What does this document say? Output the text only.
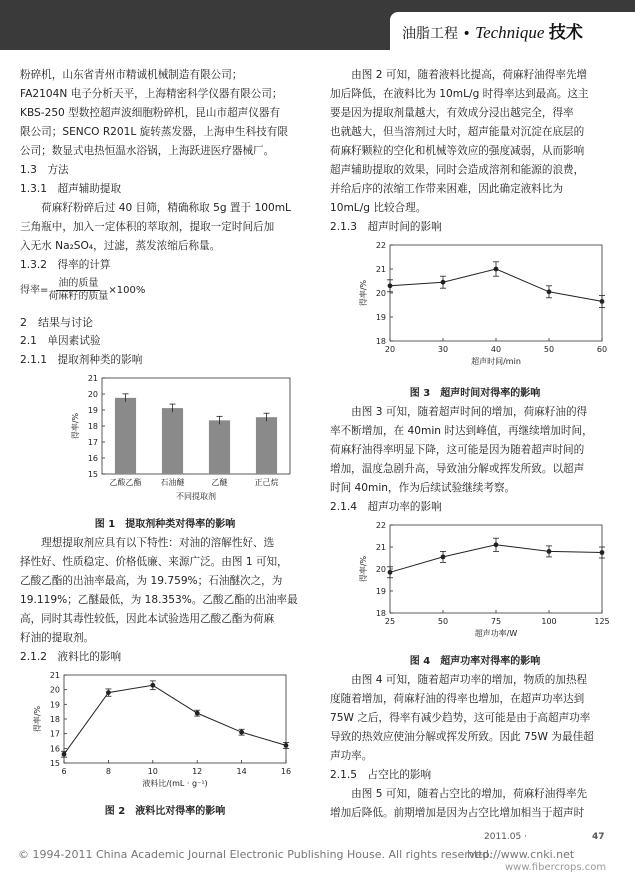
油脂工程 • Technique 技术

粉碎机，山东省青州市精诚机械制造有限公司；

FA2104N 电子分析天平，上海精密科学仪器有限公司；

KBS-250 型数控超声波细胞粉碎机，昆山市超声仪器有

限公司；SENCO R201L 旋转蒸发器，上海申生科技有限

公司；数显式电热恒温水浴锅，上海跃进医疗器械厂。

1.3　方法

1.3.1　超声辅助提取

　　荷麻籽粉碎后过 40 目筛，精确称取 5g 置于 100mL

三角瓶中，加入一定体积的萃取剂，提取一定时间后加

入无水 Na₂SO₄，过滤，蒸发浓缩后称量。

1.3.2　得率的计算

得率=
油的质量
荷麻籽的质量
×100%

2　结果与讨论

2.1　单因素试验

2.1.1　提取剂种类的影响

15
16
17
18
19
20
21
得率/%
乙酸乙酯 石油醚	乙醚	正己烷
不同提取剂

图 1　提取剂种类对得率的影响

　　理想提取剂应具有以下特性：对油的溶解性好、选

择性好、性质稳定、价格低廉、来源广泛。由图 1 可知，

乙酸乙酯的出油率最高，为 19.759%；石油醚次之，为

19.119%；乙醚最低，为 18.353%。乙酸乙酯的出油率最

高，同时其毒性较低，因此本试验选用乙酸乙酯为荷麻

籽油的提取剂。

2.1.2　液料比的影响

15
16
17
18
19
20
21
得率/%
6	8	10	12	14	16
液料比/(mL · g⁻¹)

图 2　液料比对得率的影响

　　由图 2 可知，随着液料比提高，荷麻籽油得率先增

加后降低，在液料比为 10mL/g 时得率达到最高。这主

要是因为提取剂量越大，有效成分浸出越完全，得率

也就越大，但当溶剂过大时，超声能量对沉淀在底层的

荷麻籽颗粒的空化和机械等效应的强度减弱，从而影响

超声辅助提取的效果，同时会造成溶剂和能源的浪费，

并给后序的浓缩工作带来困难，因此确定液料比为

10mL/g 比较合理。

2.1.3　超声时间的影响

18
19
20
21
22
得率/%
20	30	40	50	60
超声时间/min

图 3　超声时间对得率的影响

　　由图 3 可知，随着超声时间的增加，荷麻籽油的得

率不断增加，在 40min 时达到峰值，再继续增加时间，

荷麻籽油得率明显下降，这可能是因为随着超声时间的

增加，温度急剧升高，导致油分解或挥发所致。以超声

时间 40min，作为后续试验继续考察。

2.1.4　超声功率的影响

18
19
20
21
22
得率/%
25	50	75	100	125
超声功率/W

图 4　超声功率对得率的影响

　　由图 4 可知，随着超声功率的增加，物质的加热程

度随着增加，荷麻籽油的得率也增加，在超声功率达到

75W 之后，得率有减少趋势，这可能是由于高超声功率

导致的热效应使油分解或挥发所致。因此 75W 为最佳超

声功率。

2.1.5　占空比的影响

　　由图 5 可知，随着占空比的增加，荷麻籽油得率先

增加后降低。前期增加是因为占空比增加相当于超声时

2011.05 ·	47
© 1994-2011 China Academic Journal Electronic Publishing House. All rights reserved.
http://www.cnki.net
www.fibercrops.com
